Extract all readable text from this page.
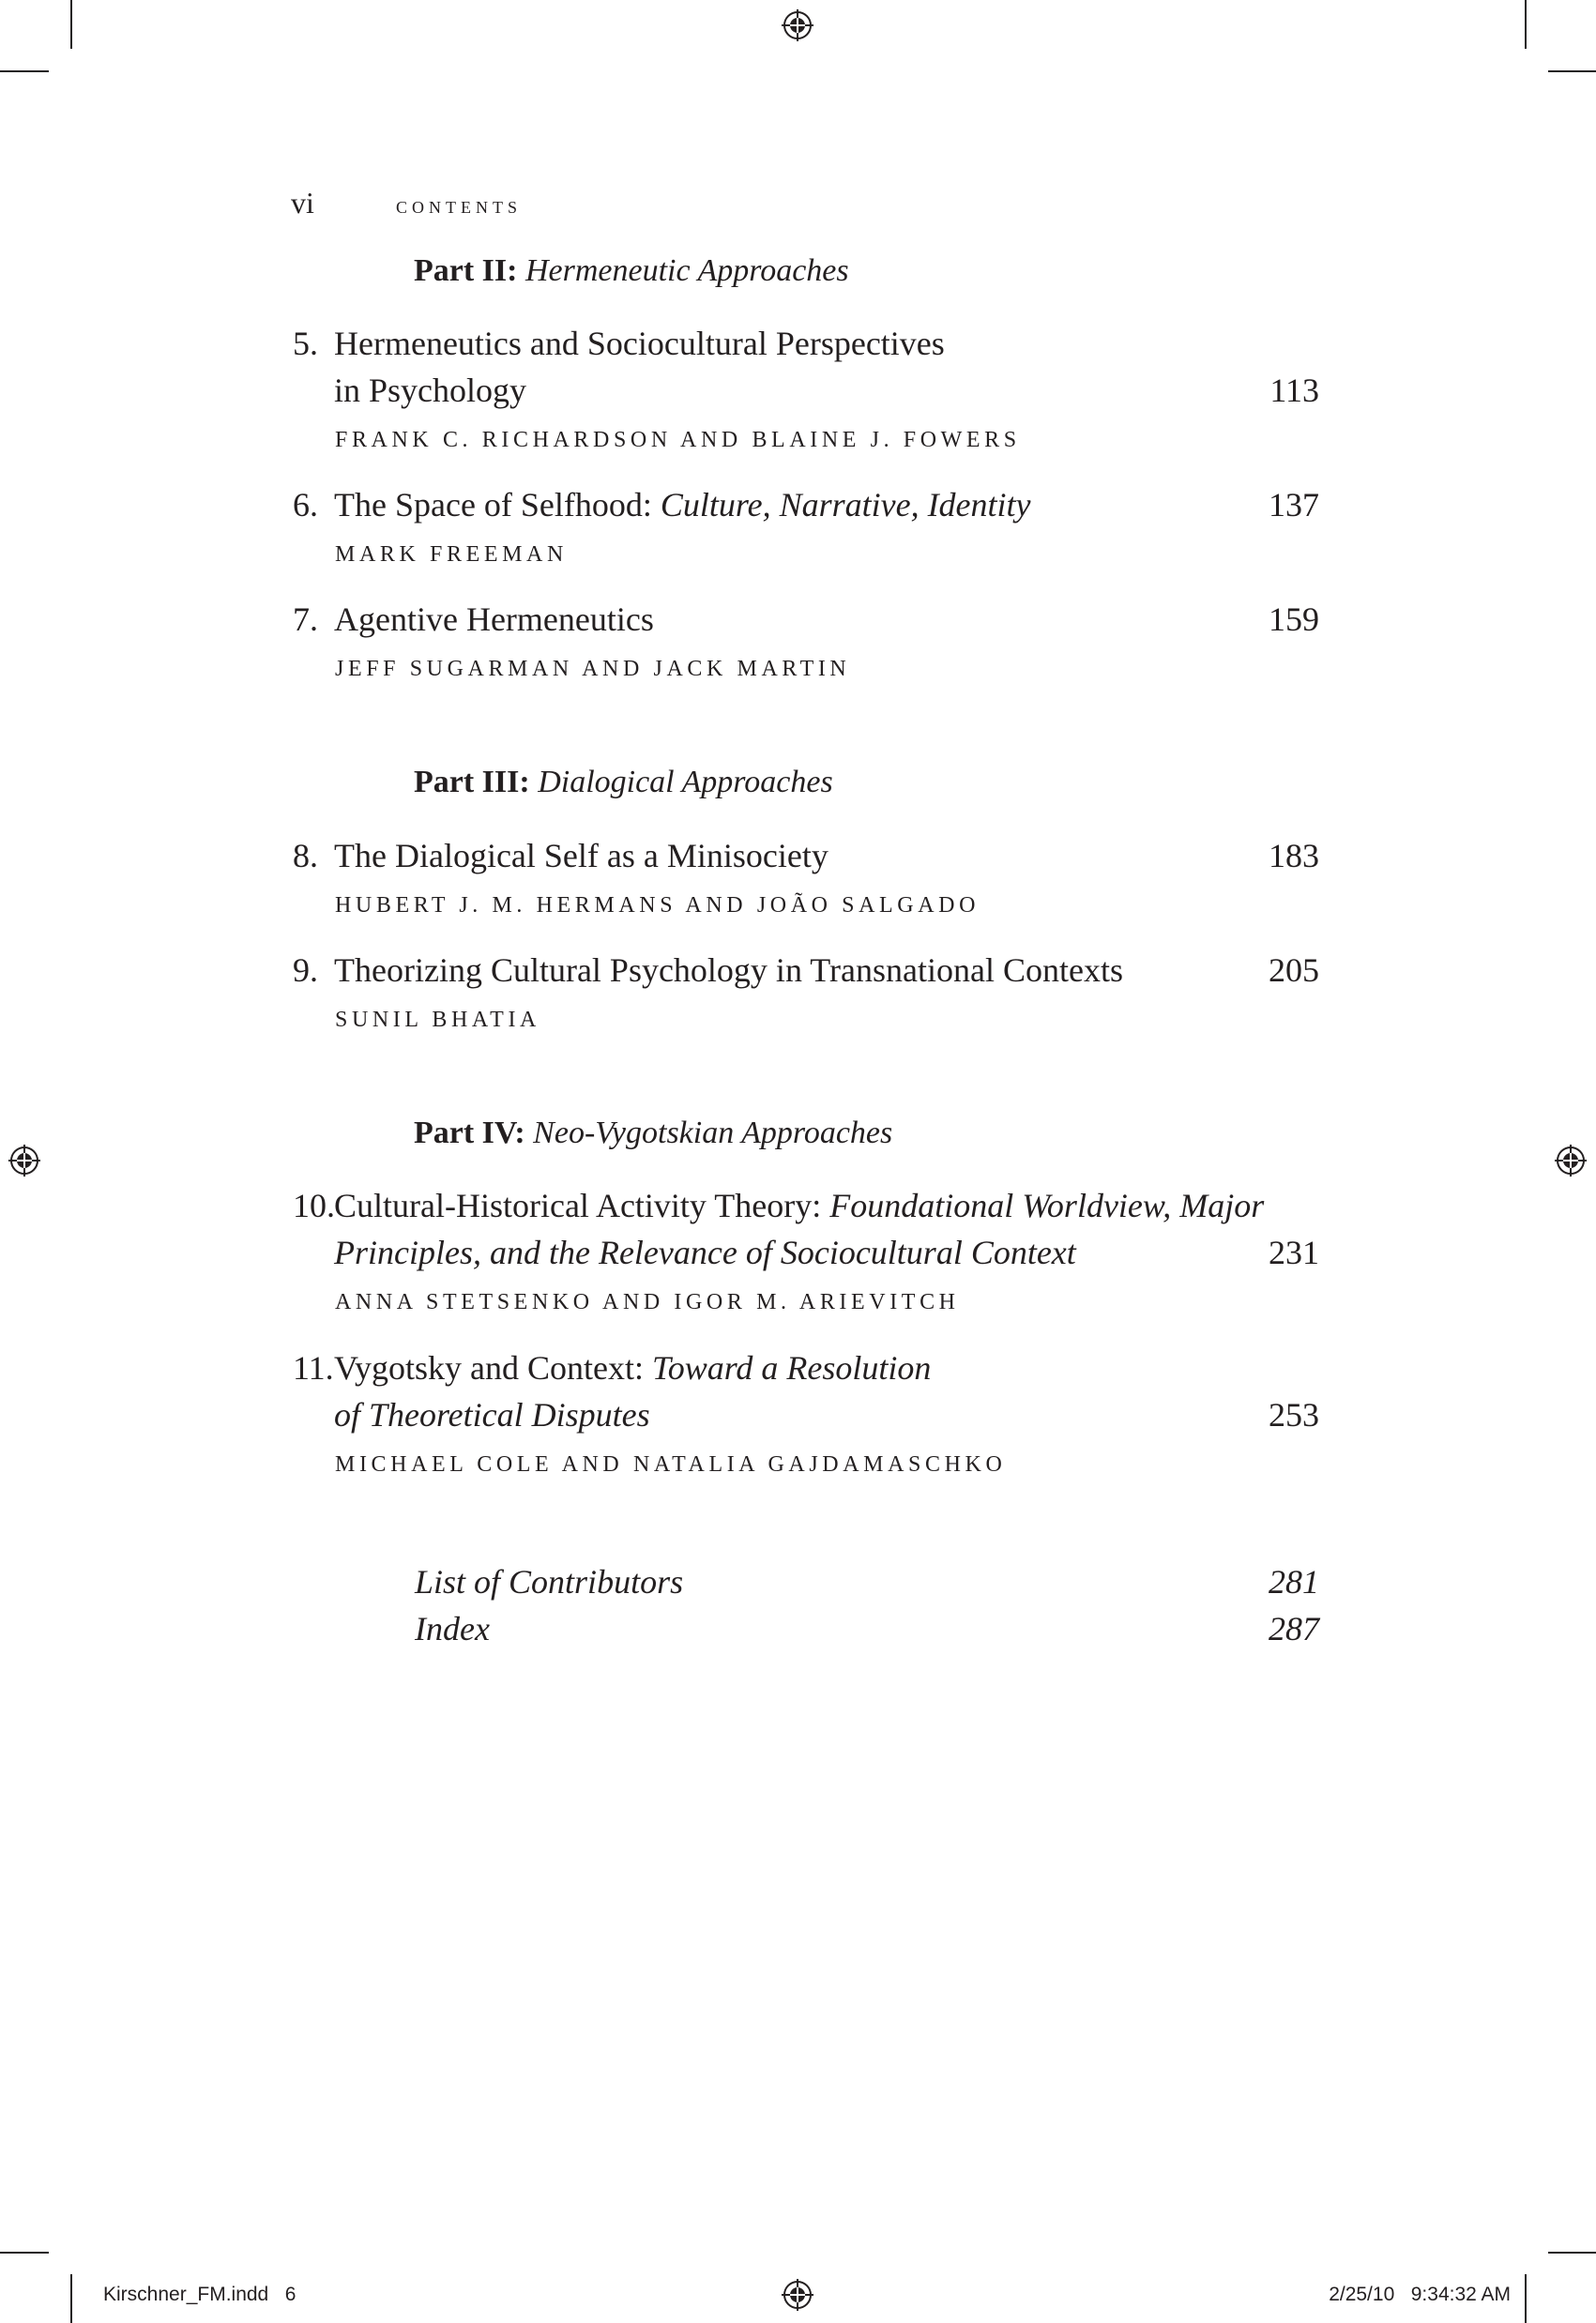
vi	contents
Part II: Hermeneutic Approaches
5. Hermeneutics and Sociocultural Perspectives
in Psychology	113
FRANK C. RICHARDSON AND BLAINE J. FOWERS
6. The Space of Selfhood: Culture, Narrative, Identity	137
MARK FREEMAN
7. Agentive Hermeneutics	159
JEFF SUGARMAN AND JACK MARTIN
Part III: Dialogical Approaches
8. The Dialogical Self as a Minisociety	183
HUBERT J. M. HERMANS AND JOÃO SALGADO
9. Theorizing Cultural Psychology in Transnational Contexts	205
SUNIL BHATIA
Part IV: Neo-Vygotskian Approaches
10. Cultural-Historical Activity Theory: Foundational Worldview, Major
Principles, and the Relevance of Sociocultural Context	231
ANNA STETSENKO AND IGOR M. ARIEVITCH
11. Vygotsky and Context: Toward a Resolution
of Theoretical Disputes	253
MICHAEL COLE AND NATALIA GAJDAMASCHKO
List of Contributors	281
Index	287
Kirschner_FM.indd   6	2/25/10   9:34:32 AM
